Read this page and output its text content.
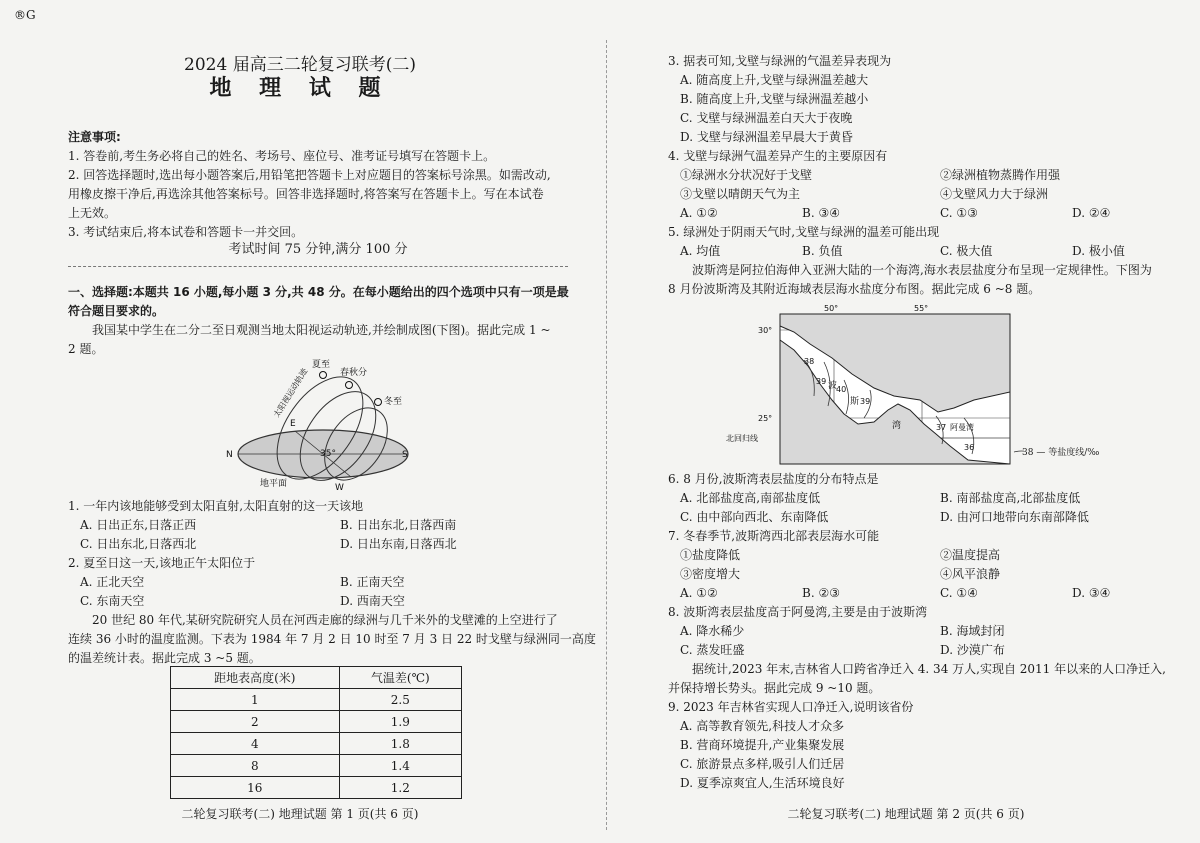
®G
2024 届高三二轮复习联考(二)
地 理 试 题
注意事项:
1. 答卷前,考生务必将自己的姓名、考场号、座位号、准考证号填写在答题卡上。
2. 回答选择题时,选出每小题答案后,用铅笔把答题卡上对应题目的答案标号涂黑。如需改动,
用橡皮擦干净后,再选涂其他答案标号。回答非选择题时,将答案写在答题卡上。写在本试卷
上无效。
3. 考试结束后,将本试卷和答题卡一并交回。
考试时间 75 分钟,满分 100 分
一、选择题:本题共 16 小题,每小题 3 分,共 48 分。在每小题给出的四个选项中只有一项是最
符合题目要求的。
我国某中学生在二分二至日观测当地太阳视运动轨迹,并绘制成图(下图)。据此完成 1 ~
2 题。
35°
N	S
E
W
地平面
夏至
春秋分
冬至
太阳视运动轨迹
1. 一年内该地能够受到太阳直射,太阳直射的这一天该地
A. 日出正东,日落正西	B. 日出东北,日落西南
C. 日出东北,日落西北	D. 日出东南,日落西北
2. 夏至日这一天,该地正午太阳位于
A. 正北天空	B. 正南天空
C. 东南天空	D. 西南天空
20 世纪 80 年代,某研究院研究人员在河西走廊的绿洲与几千米外的戈壁滩的上空进行了
连续 36 小时的温度监测。下表为 1984 年 7 月 2 日 10 时至 7 月 3 日 22 时戈壁与绿洲同一高度
的温差统计表。据此完成 3 ~5 题。
距地表高度(米)	气温差(℃)
1	2.5
2	1.9
4	1.8
8	1.4
16	1.2
二轮复习联考(二) 地理试题 第 1 页(共 6 页)
3. 据表可知,戈壁与绿洲的气温差异表现为
A. 随高度上升,戈壁与绿洲温差越大
B. 随高度上升,戈壁与绿洲温差越小
C. 戈壁与绿洲温差白天大于夜晚
D. 戈壁与绿洲温差早晨大于黄昏
4. 戈壁与绿洲气温差异产生的主要原因有
①绿洲水分状况好于戈壁	②绿洲植物蒸腾作用强
③戈壁以晴朗天气为主	④戈壁风力大于绿洲
A. ①②	B. ③④	C. ①③	D. ②④
5. 绿洲处于阴雨天气时,戈壁与绿洲的温差可能出现
A. 均值	B. 负值	C. 极大值	D. 极小值
波斯湾是阿拉伯海伸入亚洲大陆的一个海湾,海水表层盐度分布呈现一定规律性。下图为
8 月份波斯湾及其附近海域表层海水盐度分布图。据此完成 6 ~8 题。
50°	55°
30°
25°
北回归线
38
39
40
39
37
36
波
斯
湾	阿曼湾
38 — 等盐度线/‰
6. 8 月份,波斯湾表层盐度的分布特点是
A. 北部盐度高,南部盐度低	B. 南部盐度高,北部盐度低
C. 由中部向西北、东南降低	D. 由河口地带向东南部降低
7. 冬春季节,波斯湾西北部表层海水可能
①盐度降低	②温度提高
③密度增大	④风平浪静
A. ①②	B. ②③	C. ①④	D. ③④
8. 波斯湾表层盐度高于阿曼湾,主要是由于波斯湾
A. 降水稀少	B. 海域封闭
C. 蒸发旺盛	D. 沙漠广布
据统计,2023 年末,吉林省人口跨省净迁入 4. 34 万人,实现自 2011 年以来的人口净迁入,
并保持增长势头。据此完成 9 ~10 题。
9. 2023 年吉林省实现人口净迁入,说明该省份
A. 高等教育领先,科技人才众多
B. 营商环境提升,产业集聚发展
C. 旅游景点多样,吸引人们迁居
D. 夏季凉爽宜人,生活环境良好
二轮复习联考(二) 地理试题 第 2 页(共 6 页)
